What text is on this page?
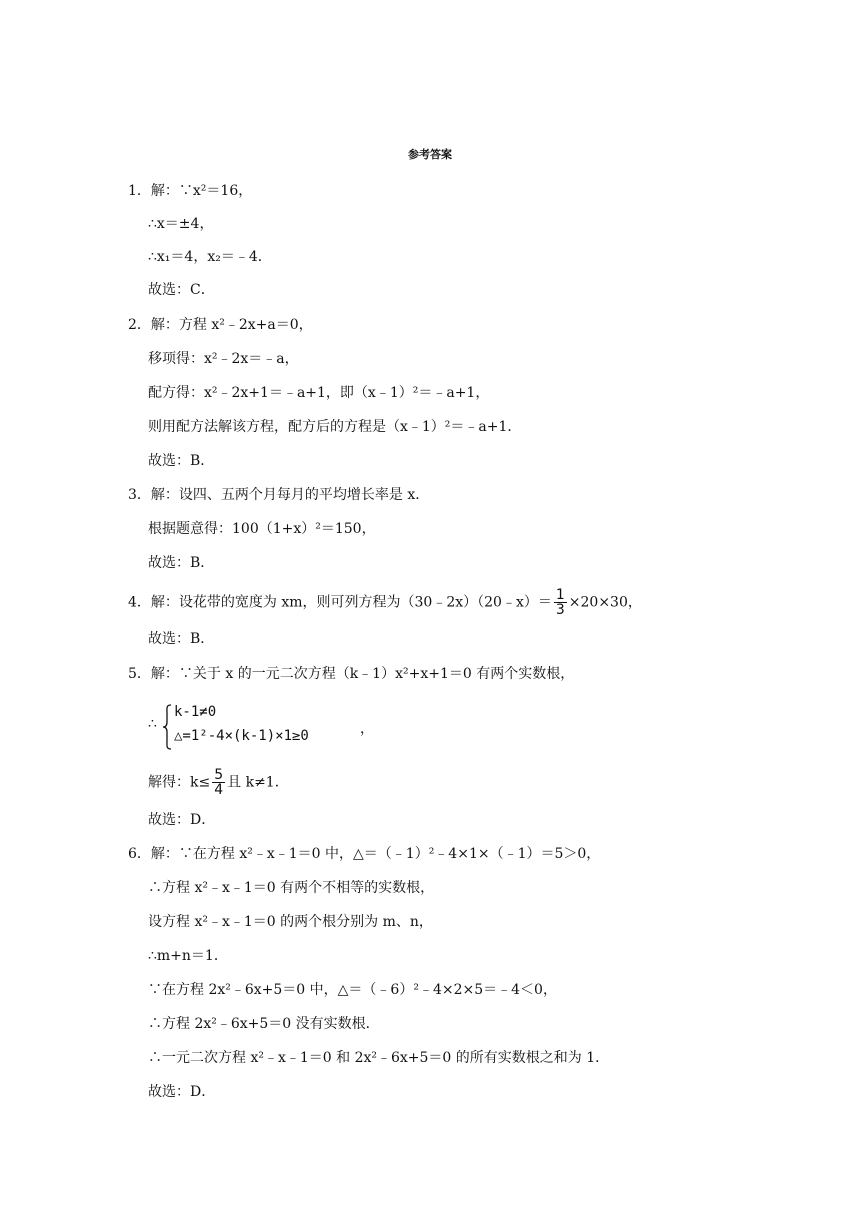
参考答案
1．解：∵x²＝16，
∴x＝±4，
∴x₁＝4，x₂＝﹣4．
故选：C．
2．解：方程 x²﹣2x+a＝0，
移项得：x²﹣2x＝﹣a，
配方得：x²﹣2x+1＝﹣a+1，即（x﹣1）²＝﹣a+1，
则用配方法解该方程，配方后的方程是（x﹣1）²＝﹣a+1．
故选：B．
3．解：设四、五两个月每月的平均增长率是 x．
根据题意得：100（1+x）²＝150，
故选：B．
4．解：设花带的宽度为 xm，则可列方程为（30﹣2x）（20﹣x）＝ $\frac{1}{3} \times 20\times 30$，
故选：B．
5．解：∵关于 x 的一元二次方程（k﹣1）x²+x+1＝0 有两个实数根，
∴
k-1≠0
△=1²-4×(k-1)×1≥0	，
解得：$k\le \frac{5}{4}$ 且 k≠1．
故选：D．
6．解：∵在方程 x²﹣x﹣1＝0 中，△＝（﹣1）²﹣4×1×（﹣1）＝5＞0，
∴方程 x²﹣x﹣1＝0 有两个不相等的实数根，
设方程 x²﹣x﹣1＝0 的两个根分别为 m、n，
∴m+n＝1．
∵在方程 2x²﹣6x+5＝0 中，△＝（﹣6）²﹣4×2×5＝﹣4＜0，
∴方程 2x²﹣6x+5＝0 没有实数根．
∴一元二次方程 x²﹣x﹣1＝0 和 2x²﹣6x+5＝0 的所有实数根之和为 1．
故选：D．
